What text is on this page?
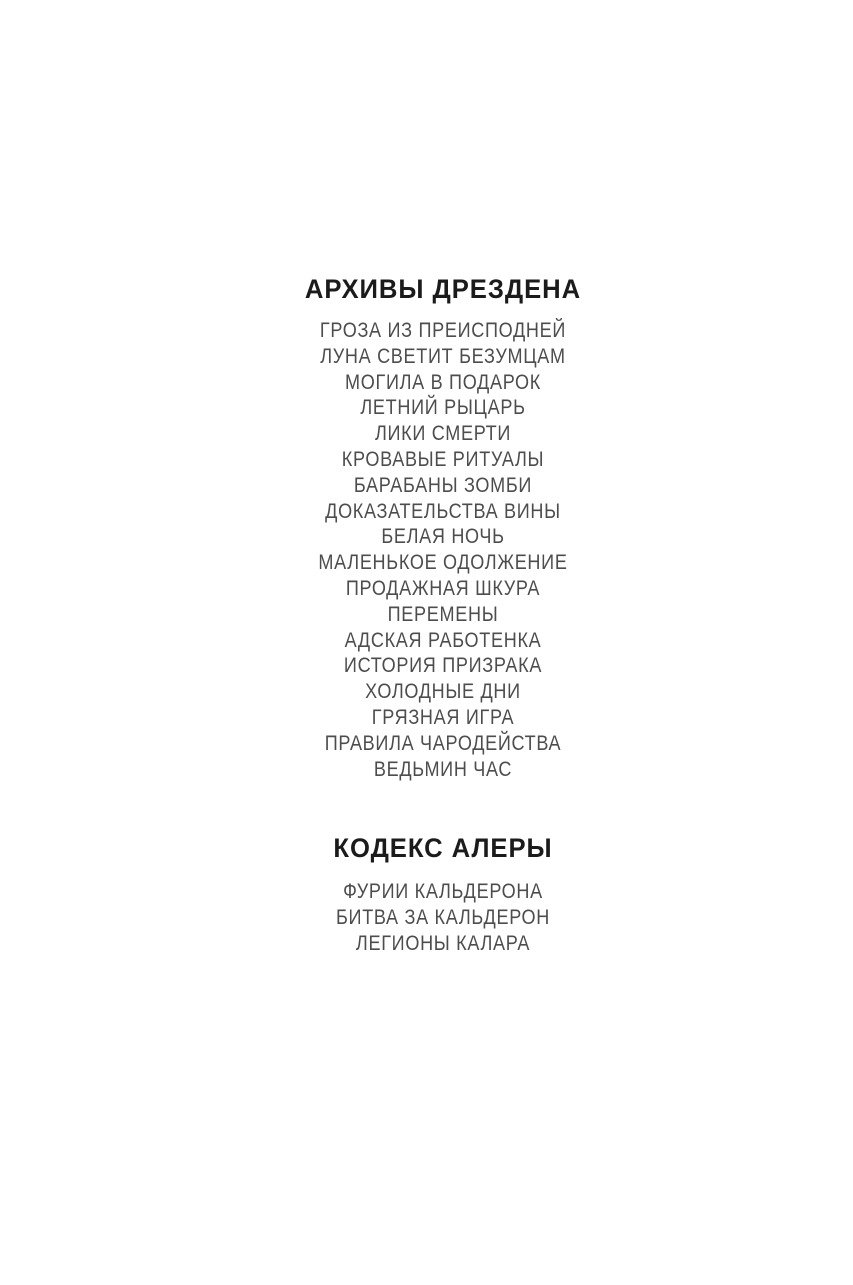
АРХИВЫ ДРЕЗДЕНА
ГРОЗА ИЗ ПРЕИСПОДНЕЙ
ЛУНА СВЕТИТ БЕЗУМЦАМ
МОГИЛА В ПОДАРОК
ЛЕТНИЙ РЫЦАРЬ
ЛИКИ СМЕРТИ
КРОВАВЫЕ РИТУАЛЫ
БАРАБАНЫ ЗОМБИ
ДОКАЗАТЕЛЬСТВА ВИНЫ
БЕЛАЯ НОЧЬ
МАЛЕНЬКОЕ ОДОЛЖЕНИЕ
ПРОДАЖНАЯ ШКУРА
ПЕРЕМЕНЫ
АДСКАЯ РАБОТЕНКА
ИСТОРИЯ ПРИЗРАКА
ХОЛОДНЫЕ ДНИ
ГРЯЗНАЯ ИГРА
ПРАВИЛА ЧАРОДЕЙСТВА
ВЕДЬМИН ЧАС
КОДЕКС АЛЕРЫ
ФУРИИ КАЛЬДЕРОНА
БИТВА ЗА КАЛЬДЕРОН
ЛЕГИОНЫ КАЛАРА
